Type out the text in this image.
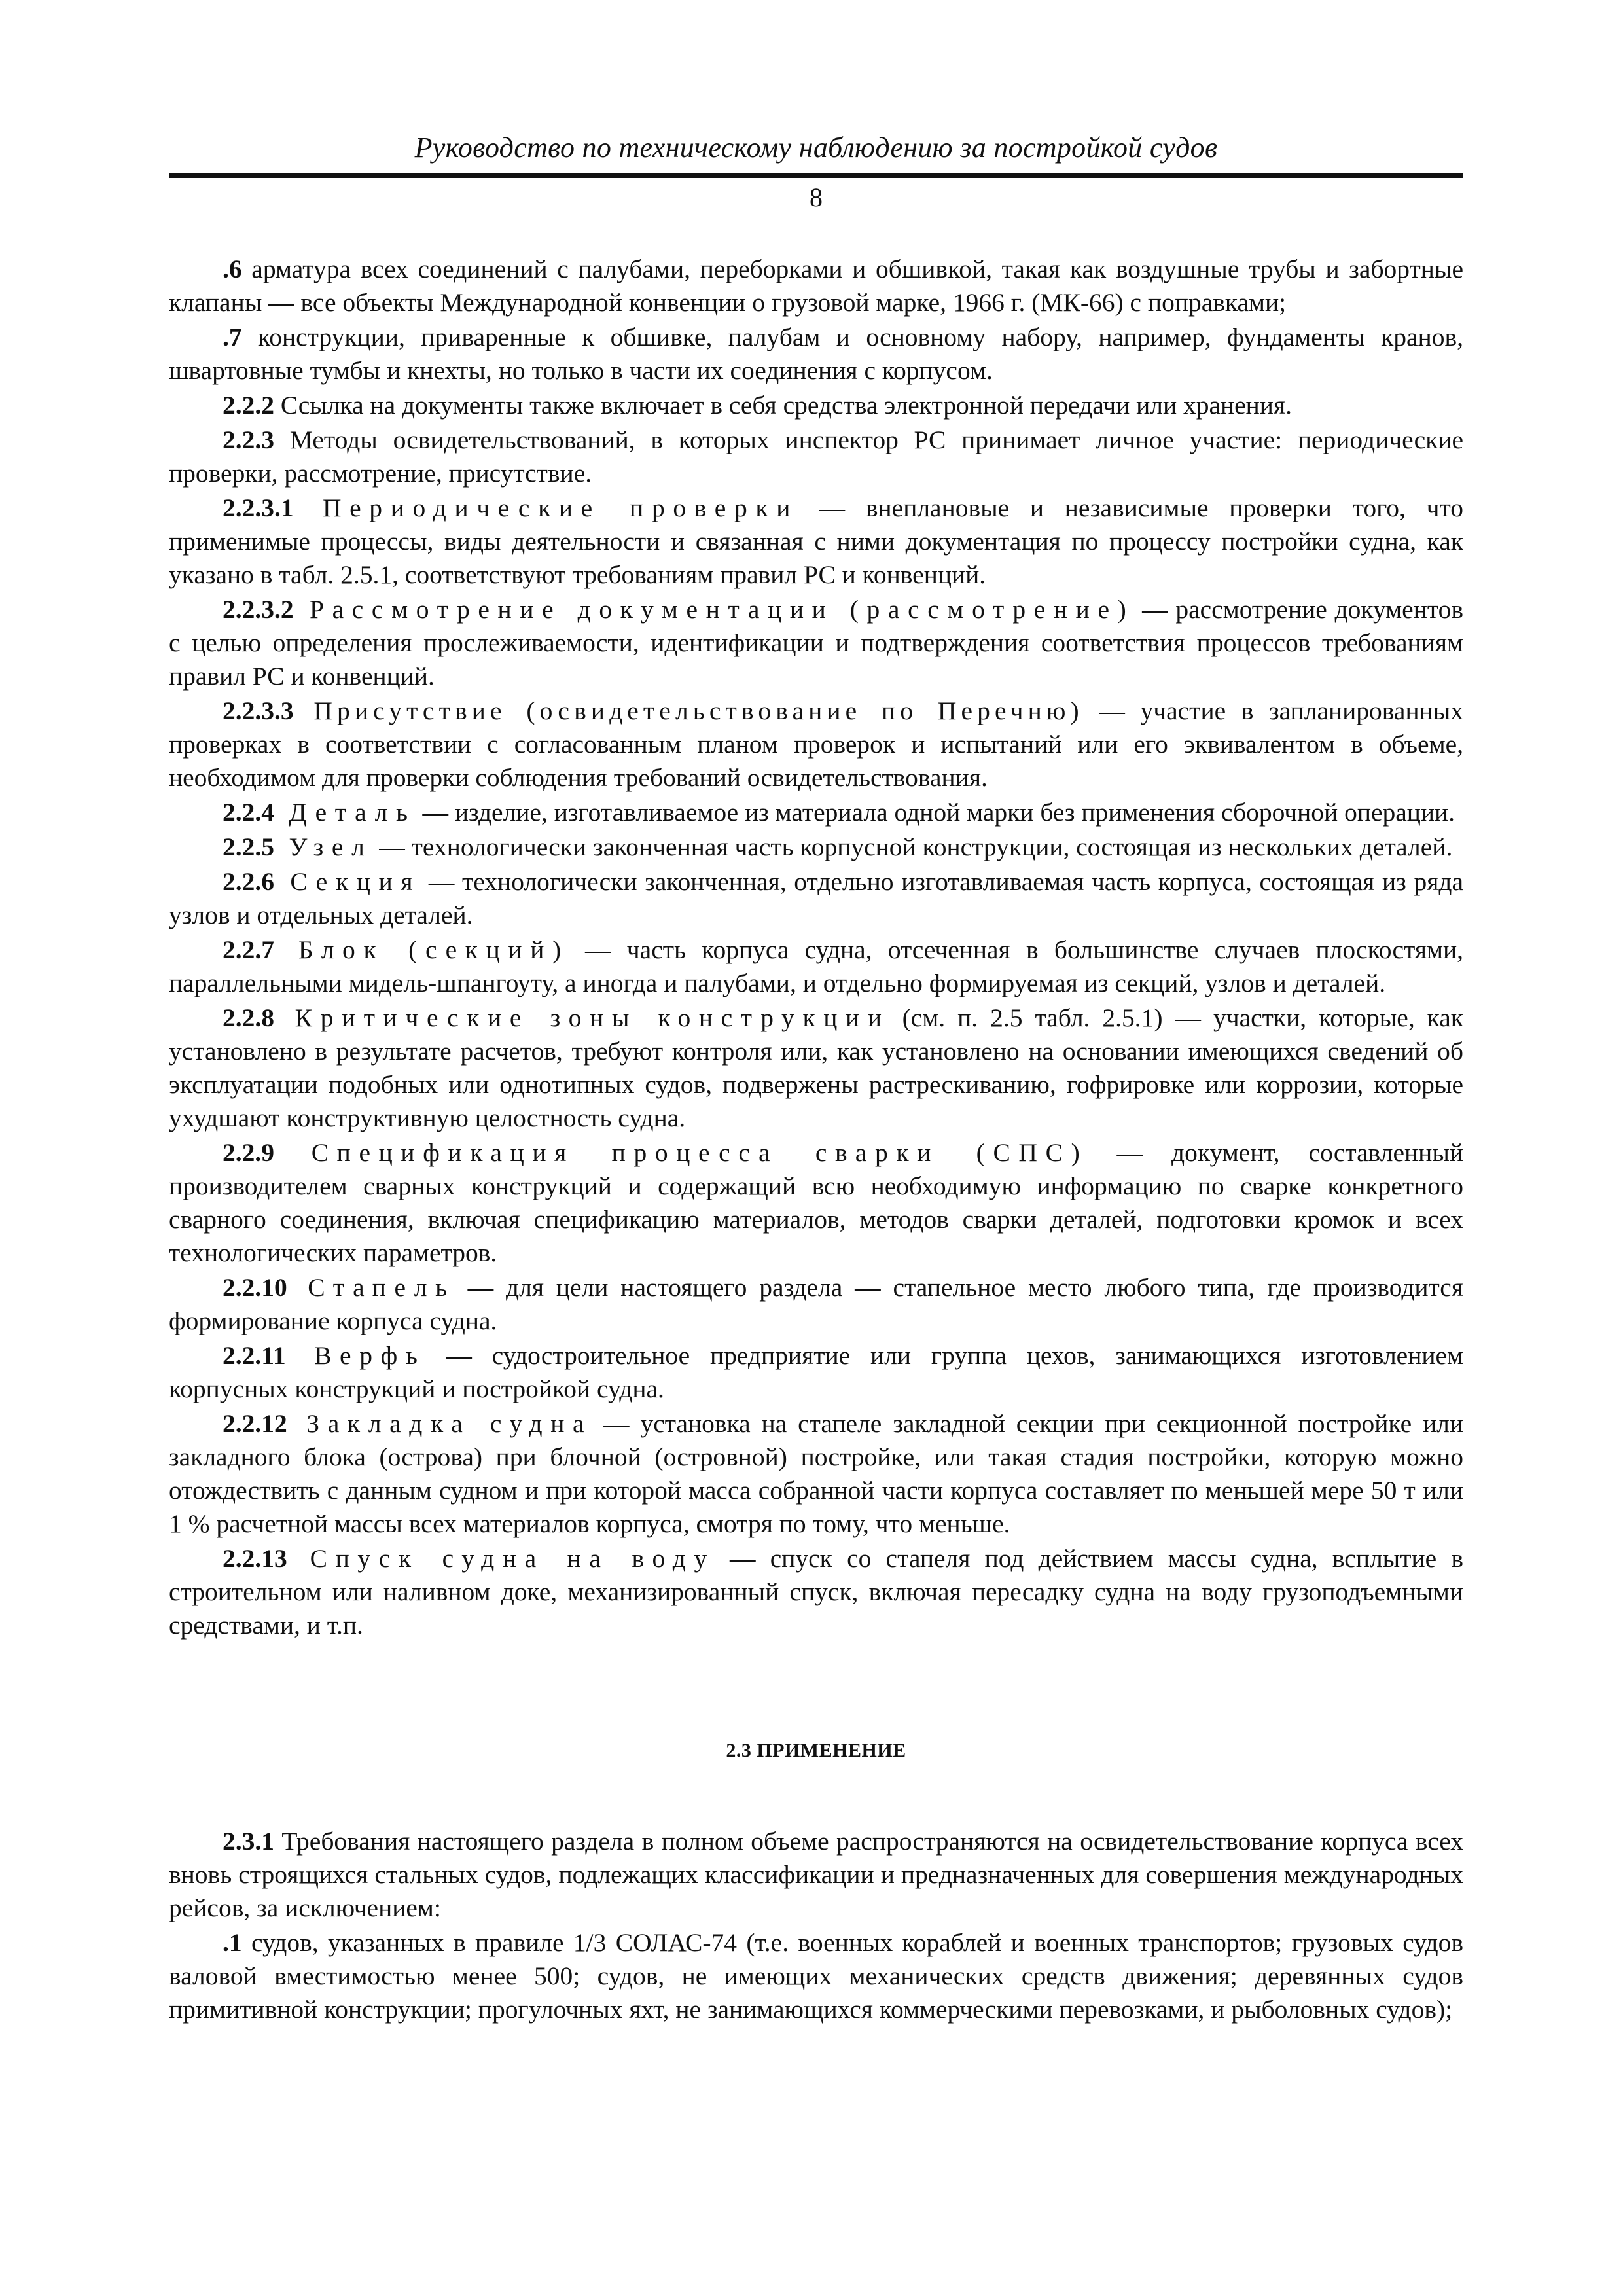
Руководство по техническому наблюдению за постройкой судов
8

.6 арматура всех соединений с палубами, переборками и обшивкой, такая как воздушные трубы и забортные клапаны — все объекты Международной конвенции о грузовой марке, 1966 г. (МК-66) с поправками;

.7 конструкции, приваренные к обшивке, палубам и основному набору, например, фундаменты кранов, швартовные тумбы и кнехты, но только в части их соединения с корпусом.

2.2.2 Ссылка на документы также включает в себя средства электронной передачи или хранения.

2.2.3 Методы освидетельствований, в которых инспектор РС принимает личное участие: периодические проверки, рассмотрение, присутствие.

2.2.3.1 Периодические проверки — внеплановые и независимые проверки того, что применимые процессы, виды деятельности и связанная с ними документация по процессу постройки судна, как указано в табл. 2.5.1, соответствуют требованиям правил РС и конвенций.

2.2.3.2 Рассмотрение документации (рассмотрение) — рассмотрение документов с целью определения прослеживаемости, идентификации и подтверждения соответствия процессов требованиям правил РС и конвенций.

2.2.3.3 Присутствие (освидетельствование по Перечню) — участие в запланированных проверках в соответствии с согласованным планом проверок и испытаний или его эквивалентом в объеме, необходимом для проверки соблюдения требований освидетельствования.

2.2.4 Деталь — изделие, изготавливаемое из материала одной марки без применения сборочной операции.

2.2.5 Узел — технологически законченная часть корпусной конструкции, состоящая из нескольких деталей.

2.2.6 Секция — технологически законченная, отдельно изготавливаемая часть корпуса, состоящая из ряда узлов и отдельных деталей.

2.2.7 Блок (секций) — часть корпуса судна, отсеченная в большинстве случаев плоскостями, параллельными мидель-шпангоуту, а иногда и палубами, и отдельно формируемая из секций, узлов и деталей.

2.2.8 Критические зоны конструкции (см. п. 2.5 табл. 2.5.1) — участки, которые, как установлено в результате расчетов, требуют контроля или, как установлено на основании имеющихся сведений об эксплуатации подобных или однотипных судов, подвержены растрескиванию, гофрировке или коррозии, которые ухудшают конструктивную целостность судна.

2.2.9 Спецификация процесса сварки (СПС) — документ, составленный производителем сварных конструкций и содержащий всю необходимую информацию по сварке конкретного сварного соединения, включая спецификацию материалов, методов сварки деталей, подготовки кромок и всех технологических параметров.

2.2.10 Стапель — для цели настоящего раздела — стапельное место любого типа, где производится формирование корпуса судна.

2.2.11 Верфь — судостроительное предприятие или группа цехов, занимающихся изготовлением корпусных конструкций и постройкой судна.

2.2.12 Закладка судна — установка на стапеле закладной секции при секционной постройке или закладного блока (острова) при блочной (островной) постройке, или такая стадия постройки, которую можно отождествить с данным судном и при которой масса собранной части корпуса составляет по меньшей мере 50 т или 1 % расчетной массы всех материалов корпуса, смотря по тому, что меньше.

2.2.13 Спуск судна на воду — спуск со стапеля под действием массы судна, всплытие в строительном или наливном доке, механизированный спуск, включая пересадку судна на воду грузоподъемными средствами, и т.п.

2.3 ПРИМЕНЕНИЕ

2.3.1 Требования настоящего раздела в полном объеме распространяются на освидетельствование корпуса всех вновь строящихся стальных судов, подлежащих классификации и предназначенных для совершения международных рейсов, за исключением:

.1 судов, указанных в правиле 1/3 СОЛАС-74 (т.е. военных кораблей и военных транспортов; грузовых судов валовой вместимостью менее 500; судов, не имеющих механических средств движения; деревянных судов примитивной конструкции; прогулочных яхт, не занимающихся коммерческими перевозками, и рыболовных судов);
